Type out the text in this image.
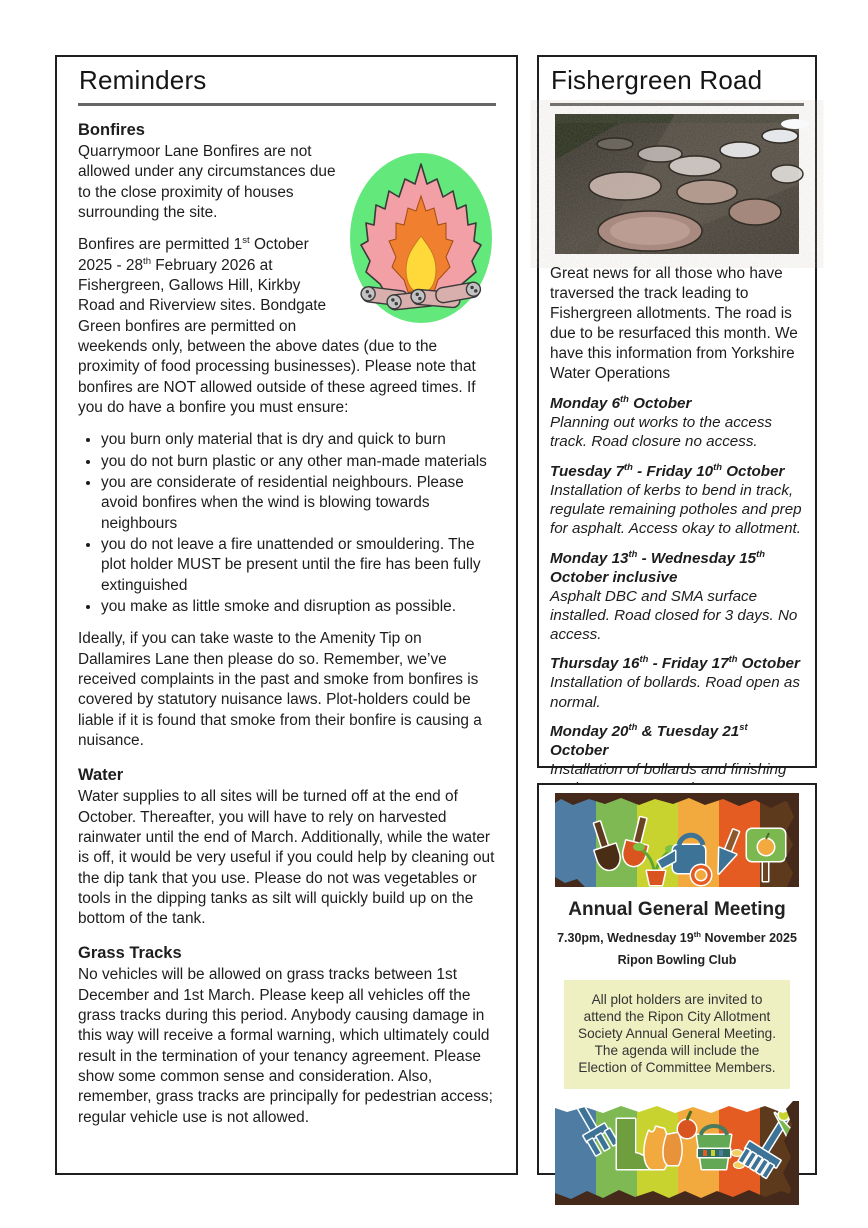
Reminders
Bonfires

Quarrymoor Lane Bonfires are not allowed under any circumstances due to the close proximity of houses surrounding the site.

Bonfires are permitted 1st October 2025 - 28th February 2026 at Fishergreen, Gallows Hill, Kirkby Road and Riverview sites. Bondgate Green bonfires are permitted on weekends only, between the above dates (due to the proximity of food processing businesses). Please note that bonfires are NOT allowed outside of these agreed times. If you do have a bonfire you must ensure:

• you burn only material that is dry and quick to burn
• you do not burn plastic or any other man-made materials
• you are considerate of residential neighbours. Please avoid bonfires when the wind is blowing towards neighbours
• you do not leave a fire unattended or smouldering. The plot holder MUST be present until the fire has been fully extinguished
• you make as little smoke and disruption as possible.

Ideally, if you can take waste to the Amenity Tip on Dallamires Lane then please do so. Remember, we’ve received complaints in the past and smoke from bonfires is covered by statutory nuisance laws. Plot-holders could be liable if it is found that smoke from their bonfire is causing a nuisance.

Water

Water supplies to all sites will be turned off at the end of October. Thereafter, you will have to rely on harvested rainwater until the end of March. Additionally, while the water is off, it would be very useful if you could help by cleaning out the dip tank that you use. Please do not was vegetables or tools in the dipping tanks as silt will quickly build up on the bottom of the tank.

Grass Tracks

No vehicles will be allowed on grass tracks between 1st December and 1st March. Please keep all vehicles off the grass tracks during this period. Anybody causing damage in this way will receive a formal warning, which ultimately could result in the termination of your tenancy agreement. Please show some common sense and consideration. Also, remember, grass tracks are principally for pedestrian access; regular vehicle use is not allowed.

Fishergreen Road

Great news for all those who have traversed the track leading to Fishergreen allotments. The road is due to be resurfaced this month. We have this information from Yorkshire Water Operations

Monday 6th October
Planning out works to the access track. Road closure no access.
Tuesday 7th - Friday 10th October
Installation of kerbs to bend in track, regulate remaining potholes and prep for asphalt. Access okay to allotment.
Monday 13th - Wednesday 15th October inclusive
Asphalt DBC and SMA surface installed. Road closed for 3 days. No access.
Thursday 16th - Friday 17th October
Installation of bollards. Road open as normal.
Monday 20th & Tuesday 21st October
Installation of bollards and finishing
Annual General Meeting
7.30pm, Wednesday 19th November 2025
Ripon Bowling Club
All plot holders are invited to attend the Ripon City Allotment Society Annual General Meeting. The agenda will include the Election of Committee Members.
